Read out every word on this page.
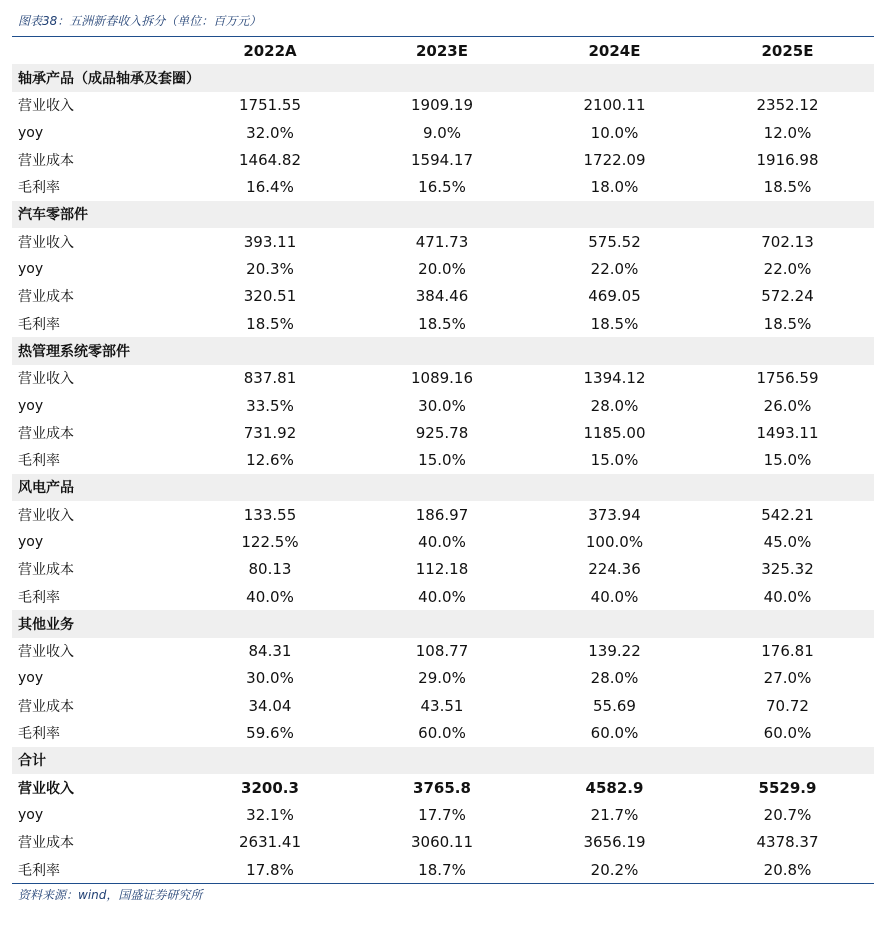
图表38：五洲新春收入拆分（单位：百万元）
	2022A	2023E	2024E	2025E
轴承产品（成品轴承及套圈）				
营业收入	1751.55	1909.19	2100.11	2352.12
yoy	32.0%	9.0%	10.0%	12.0%
营业成本	1464.82	1594.17	1722.09	1916.98
毛利率	16.4%	16.5%	18.0%	18.5%
汽车零部件				
营业收入	393.11	471.73	575.52	702.13
yoy	20.3%	20.0%	22.0%	22.0%
营业成本	320.51	384.46	469.05	572.24
毛利率	18.5%	18.5%	18.5%	18.5%
热管理系统零部件				
营业收入	837.81	1089.16	1394.12	1756.59
yoy	33.5%	30.0%	28.0%	26.0%
营业成本	731.92	925.78	1185.00	1493.11
毛利率	12.6%	15.0%	15.0%	15.0%
风电产品				
营业收入	133.55	186.97	373.94	542.21
yoy	122.5%	40.0%	100.0%	45.0%
营业成本	80.13	112.18	224.36	325.32
毛利率	40.0%	40.0%	40.0%	40.0%
其他业务				
营业收入	84.31	108.77	139.22	176.81
yoy	30.0%	29.0%	28.0%	27.0%
营业成本	34.04	43.51	55.69	70.72
毛利率	59.6%	60.0%	60.0%	60.0%
合计				
营业收入	3200.3	3765.8	4582.9	5529.9
yoy	32.1%	17.7%	21.7%	20.7%
营业成本	2631.41	3060.11	3656.19	4378.37
毛利率	17.8%	18.7%	20.2%	20.8%
资料来源：wind，国盛证券研究所
